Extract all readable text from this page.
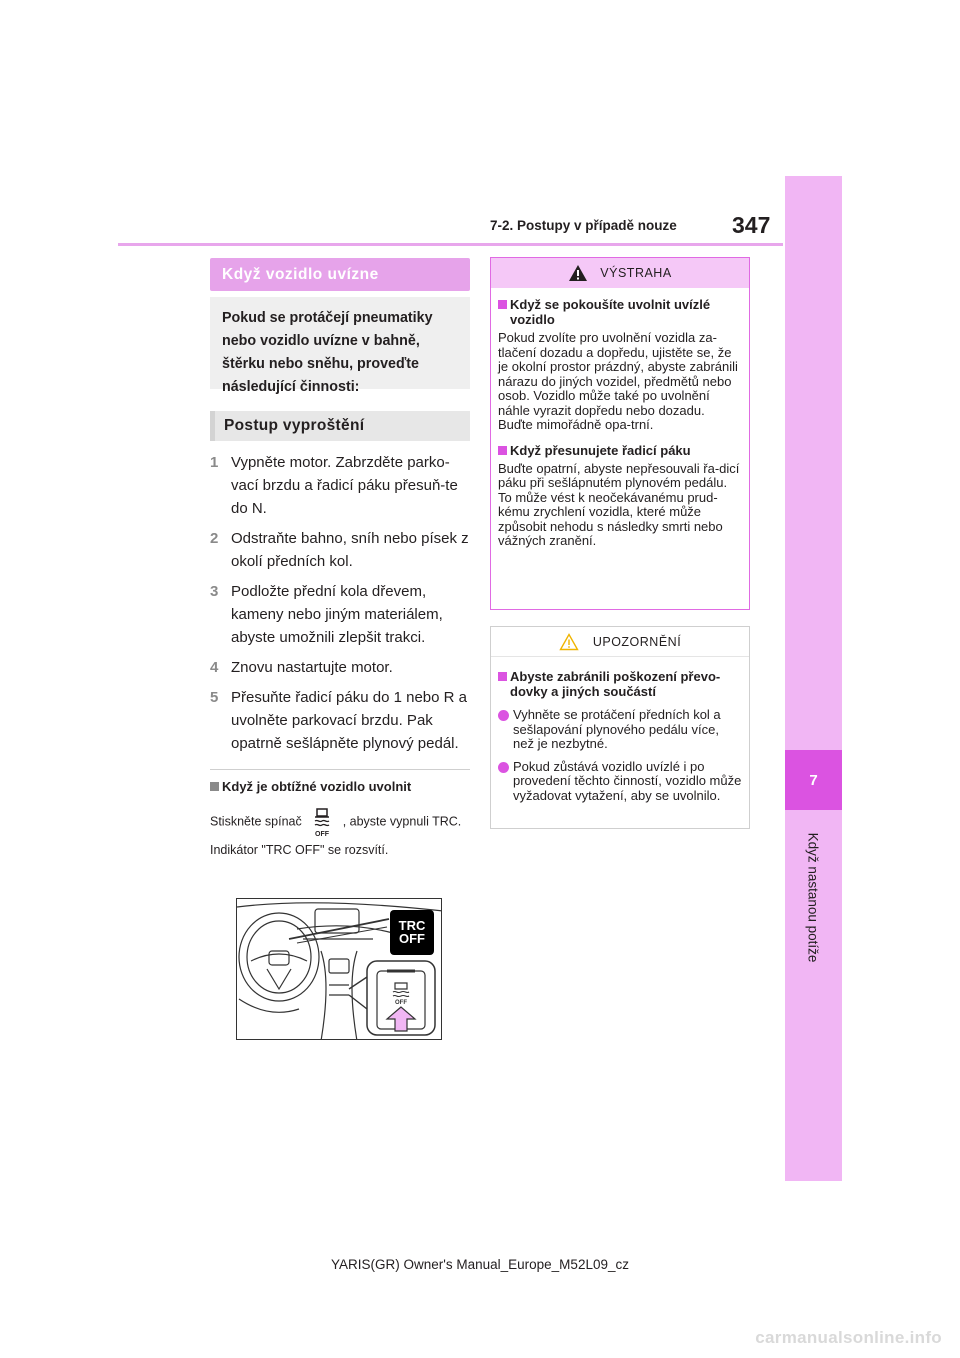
7-2. Postupy v případě nouze 347
7
Když nastanou potíže
Když vozidlo uvízne
Pokud se protáčejí pneumatiky nebo vozidlo uvízne v bahně, štěrku nebo sněhu, proveďte následující činnosti:
Postup vyproštění
1 Vypněte motor. Zabrzděte parko-vací brzdu a řadicí páku přesuň-te do N.
2 Odstraňte bahno, sníh nebo písek z okolí předních kol.
3 Podložte přední kola dřevem, kameny nebo jiným materiálem, abyste umožnili zlepšit trakci.
4 Znovu nastartujte motor.
5 Přesuňte řadicí páku do 1 nebo R a uvolněte parkovací brzdu. Pak opatrně sešlápněte plynový pedál.
Když je obtížné vozidlo uvolnit
Stiskněte spínač
OFF
, abyste vypnuli TRC.
Indikátor "TRC OFF" se rozsvítí.
OFF
TRC
OFF
VÝSTRAHA
Když se pokoušíte uvolnit uvízlé vozidlo
Pokud zvolíte pro uvolnění vozidla za-tlačení dozadu a dopředu, ujistěte se, že je okolní prostor prázdný, abyste zabránili nárazu do jiných vozidel, předmětů nebo osob. Vozidlo může také po uvolnění náhle vyrazit dopředu nebo dozadu. Buďte mimořádně opa-trní.
Když přesunujete řadicí páku
Buďte opatrní, abyste nepřesouvali řa-dicí páku při sešlápnutém plynovém pedálu.
To může vést k neočekávanému prud-kému zrychlení vozidla, které může způsobit nehodu s následky smrti nebo vážných zranění.
UPOZORNĚNÍ
Abyste zabránili poškození převo-dovky a jiných součástí
Vyhněte se protáčení předních kol a sešlapování plynového pedálu více, než je nezbytné.
Pokud zůstává vozidlo uvízlé i po provedení těchto činností, vozidlo může vyžadovat vytažení, aby se uvolnilo.
YARIS(GR) Owner's Manual_Europe_M52L09_cz
carmanualsonline.info
